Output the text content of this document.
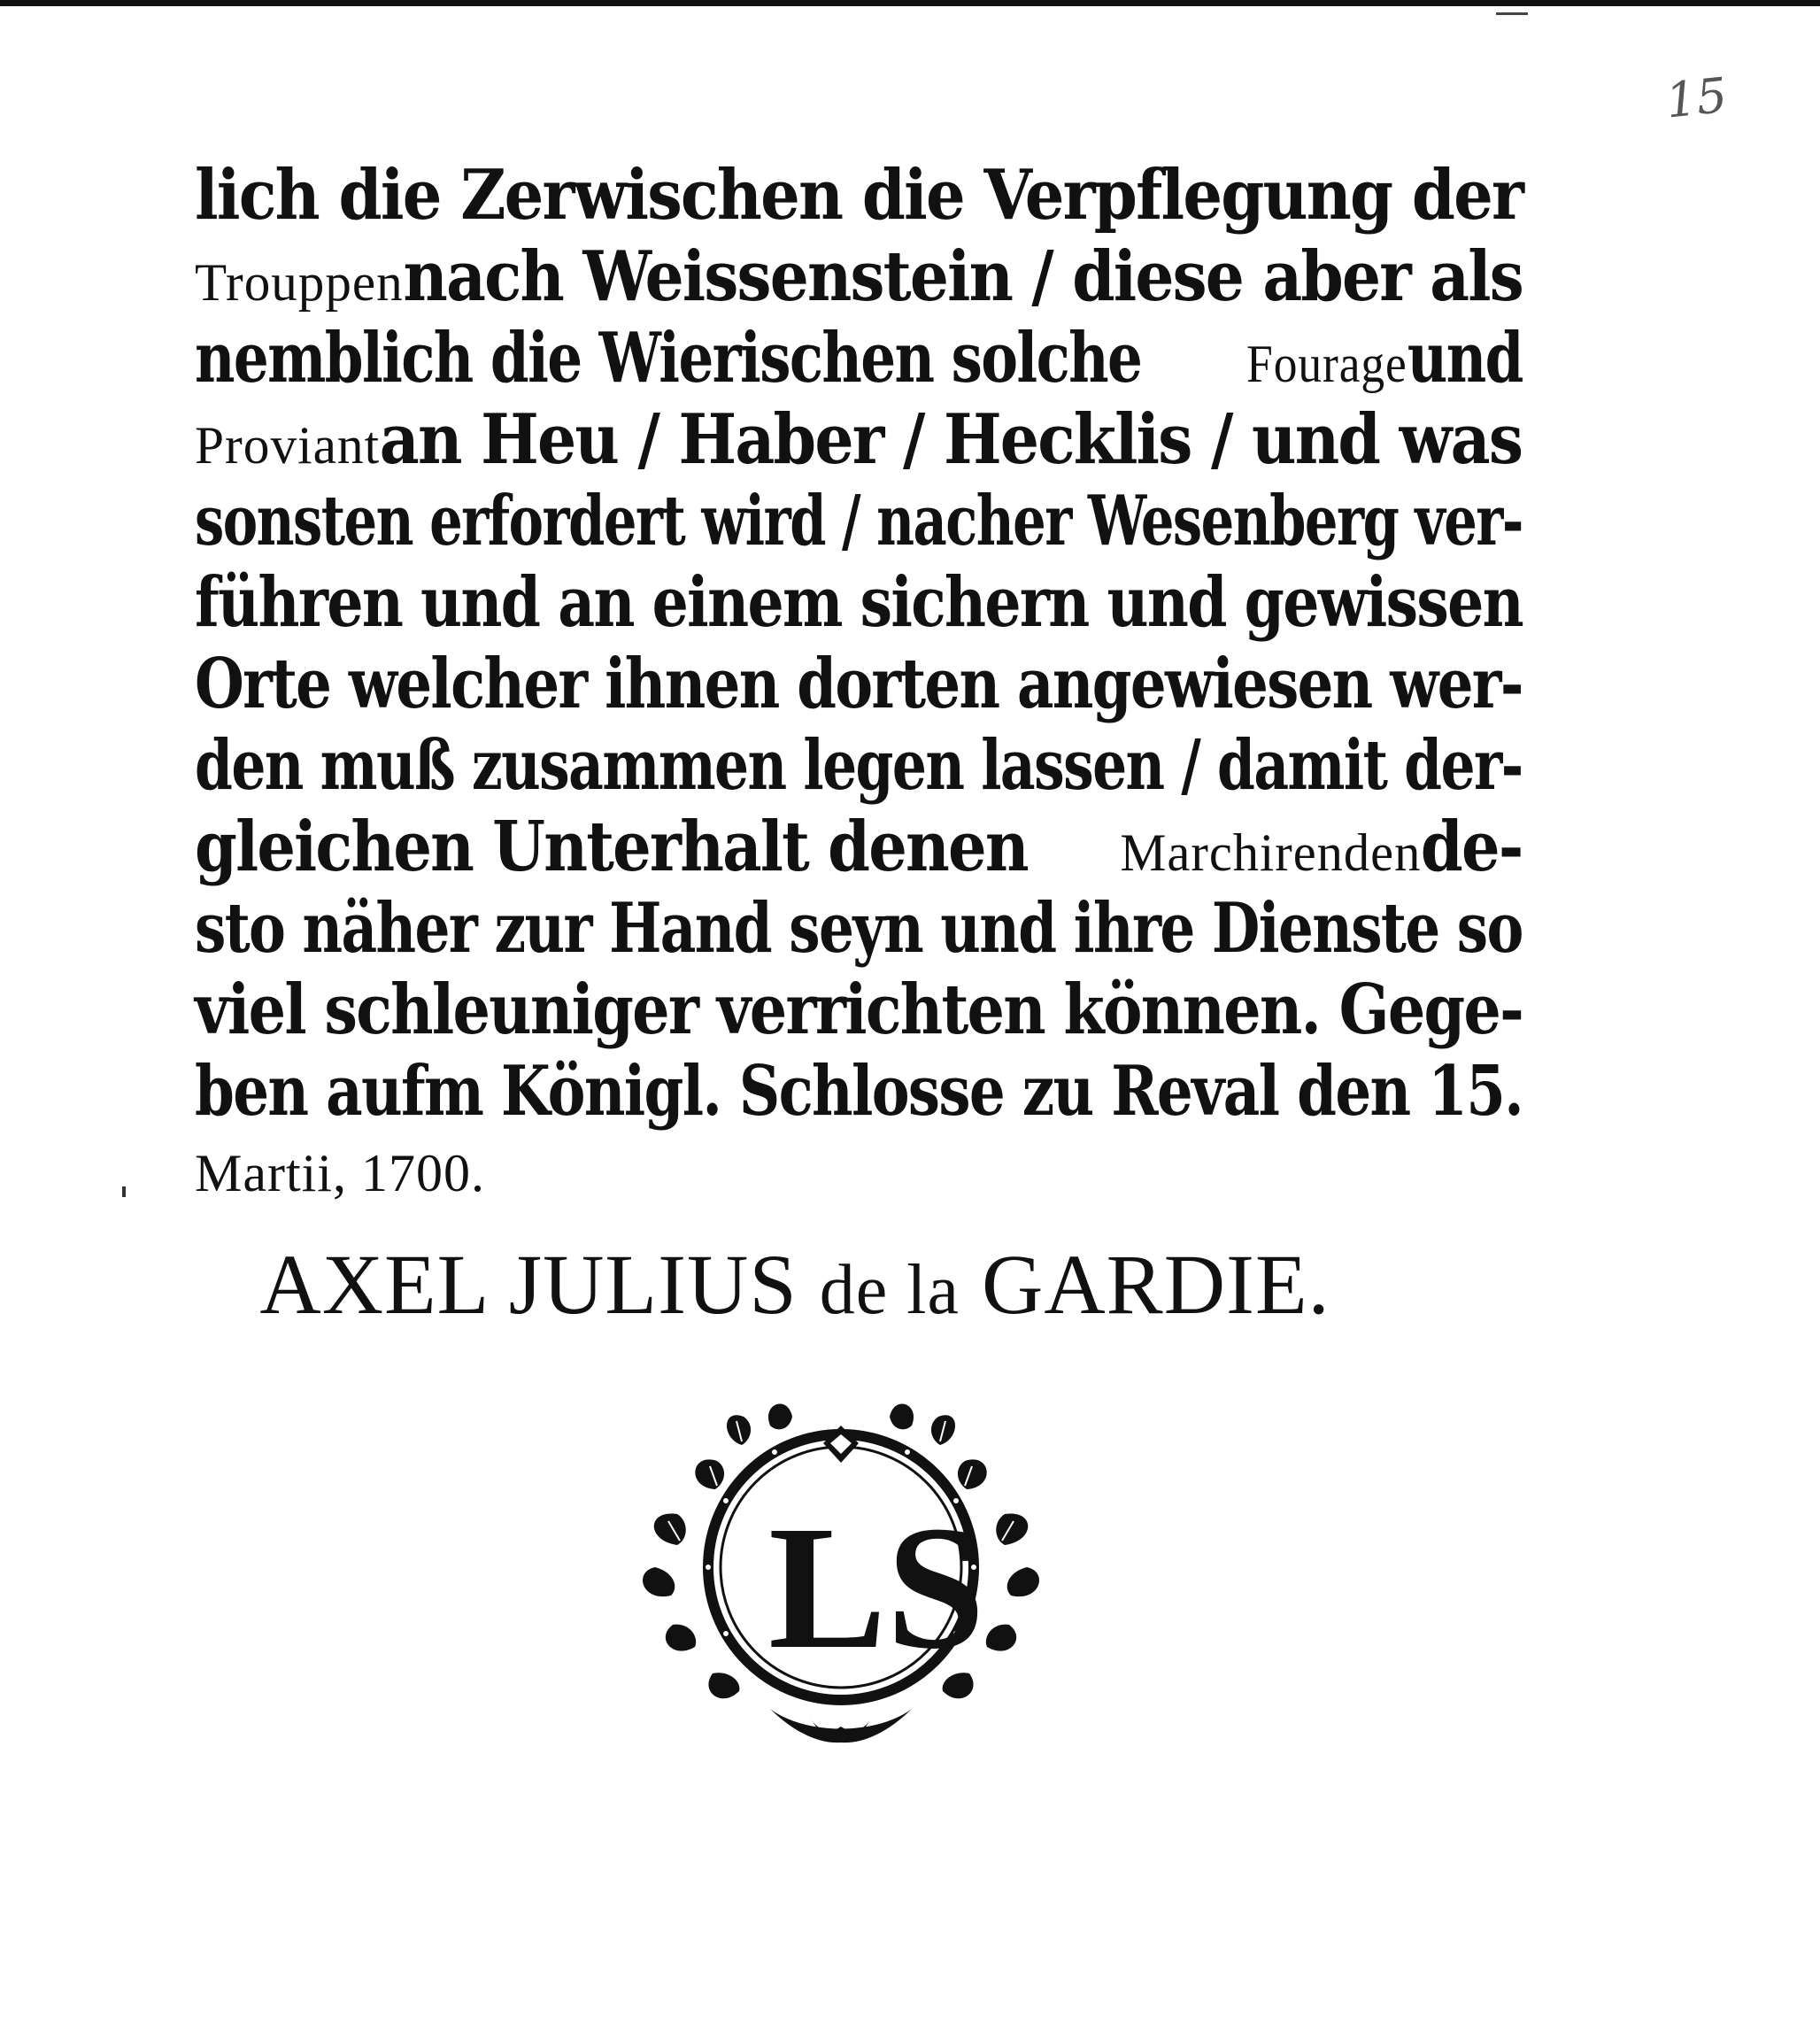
15
lich die Zerwischen die Verpflegung der
Trouppen nach Weissenstein / diese aber als
nemblich die Wierischen solche Fourage und
Proviant an Heu / Haber / Hecklis / und was
sonsten erfordert wird / nacher Wesenberg ver-
führen und an einem sichern und gewissen
Orte welcher ihnen dorten angewiesen wer-
den muß zusammen legen lassen / damit der-
gleichen Unterhalt denen Marchirenden de-
sto näher zur Hand seyn und ihre Dienste so
viel schleuniger verrichten können. Gege-
ben aufm Königl. Schlosse zu Reval den 15.
Martii, 1700.
AXEL JULIUS de la GARDIE.
LS
